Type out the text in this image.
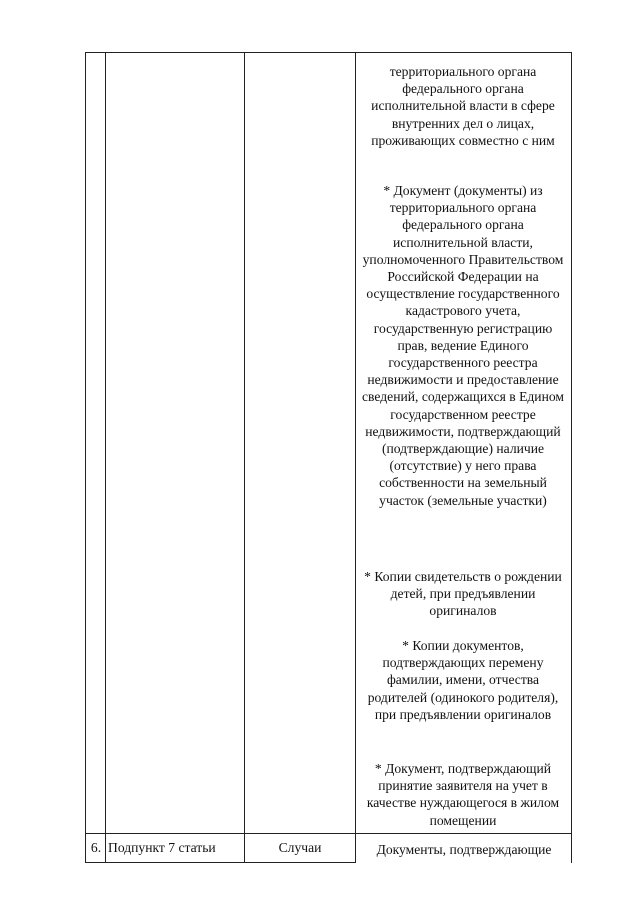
территориального органа федерального органа исполнительной власти в сфере внутренних дел о лицах, проживающих совместно с ним

* Документ (документы) из территориального органа федерального органа исполнительной власти, уполномоченного Правительством Российской Федерации на осуществление государственного кадастрового учета, государственную регистрацию прав, ведение Единого государственного реестра недвижимости и предоставление сведений, содержащихся в Едином государственном реестре недвижимости, подтверждающий (подтверждающие) наличие (отсутствие) у него права собственности на земельный участок (земельные участки)

* Копии свидетельств о рождении детей, при предъявлении оригиналов

* Копии документов, подтверждающих перемену фамилии, имени, отчества родителей (одинокого родителя), при предъявлении оригиналов

* Документ, подтверждающий принятие заявителя на учет в качестве нуждающегося в жилом помещении

6. Подпункт 7 статьи	Случаи	Документы, подтверждающие
